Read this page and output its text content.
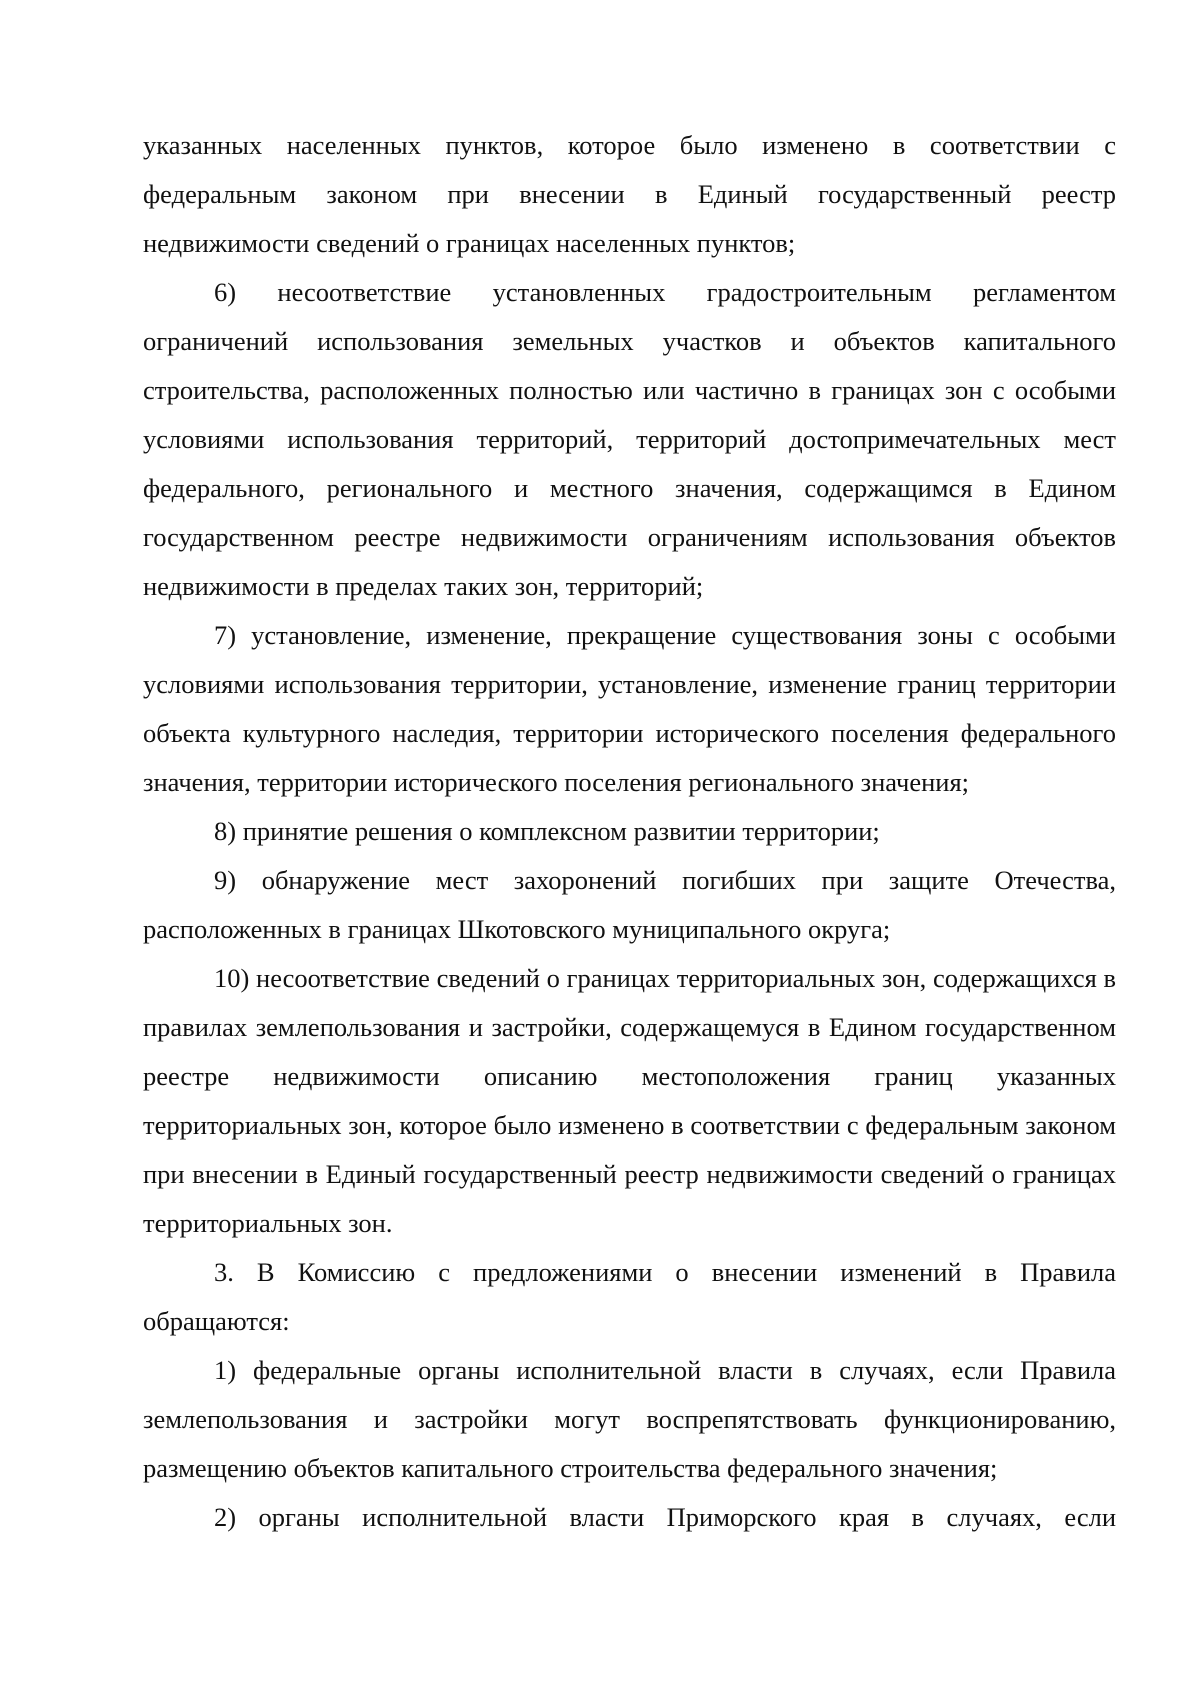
указанных населенных пунктов, которое было изменено в соответствии с федеральным законом при внесении в Единый государственный реестр недвижимости сведений о границах населенных пунктов;

6) несоответствие установленных градостроительным регламентом ограничений использования земельных участков и объектов капитального строительства, расположенных полностью или частично в границах зон с особыми условиями использования территорий, территорий достопримечательных мест федерального, регионального и местного значения, содержащимся в Едином государственном реестре недвижимости ограничениям использования объектов недвижимости в пределах таких зон, территорий;

7) установление, изменение, прекращение существования зоны с особыми условиями использования территории, установление, изменение границ территории объекта культурного наследия, территории исторического поселения федерального значения, территории исторического поселения регионального значения;

8) принятие решения о комплексном развитии территории;

9) обнаружение мест захоронений погибших при защите Отечества, расположенных в границах Шкотовского муниципального округа;

10) несоответствие сведений о границах территориальных зон, содержащихся в правилах землепользования и застройки, содержащемуся в Едином государственном реестре недвижимости описанию местоположения границ указанных территориальных зон, которое было изменено в соответствии с федеральным законом при внесении в Единый государственный реестр недвижимости сведений о границах территориальных зон.

3. В Комиссию с предложениями о внесении изменений в Правила обращаются:

1) федеральные органы исполнительной власти в случаях, если Правила землепользования и застройки могут воспрепятствовать функционированию, размещению объектов капитального строительства федерального значения;

2) органы исполнительной власти Приморского края в случаях, если
